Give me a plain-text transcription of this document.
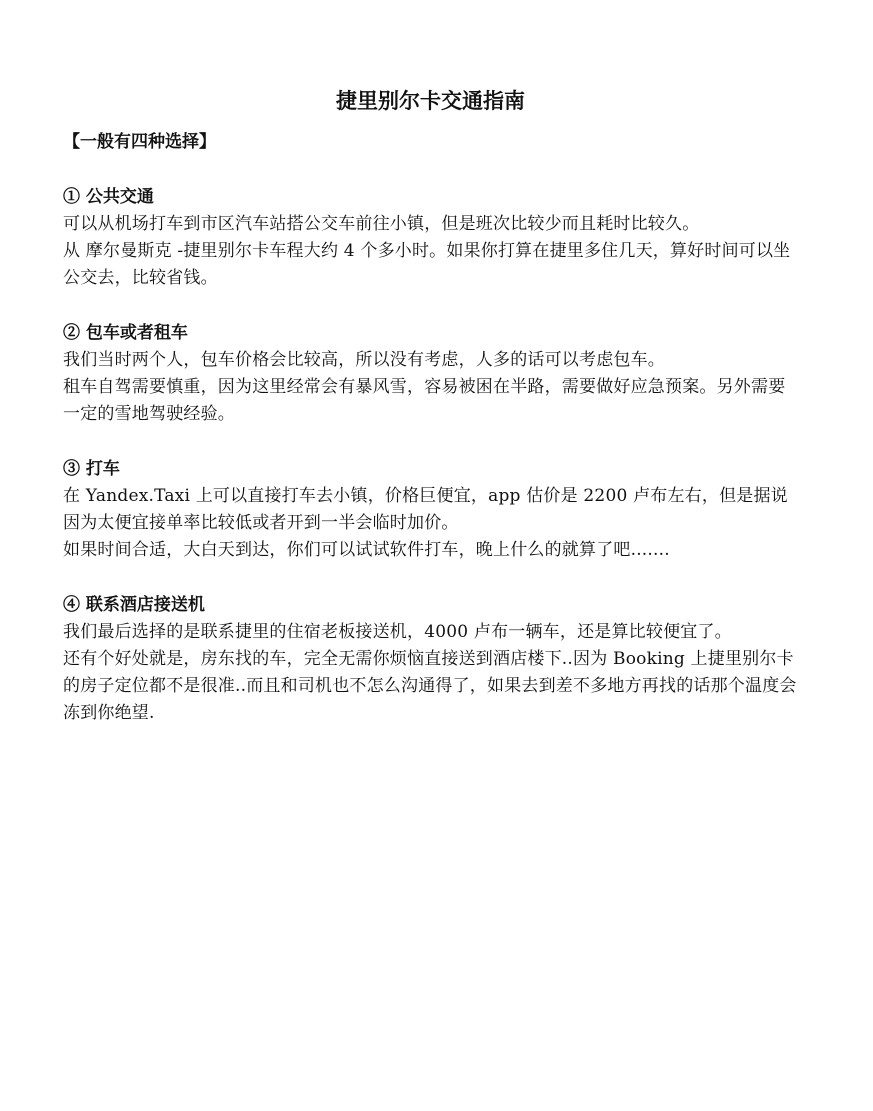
捷里别尔卡交通指南

【一般有四种选择】

① 公共交通

可以从机场打车到市区汽车站搭公交车前往小镇，但是班次比较少而且耗时比较久。

从 摩尔曼斯克 -捷里别尔卡车程大约 4 个多小时。如果你打算在捷里多住几天，算好时间可以坐公交去，比较省钱。

② 包车或者租车

我们当时两个人，包车价格会比较高，所以没有考虑，人多的话可以考虑包车。

租车自驾需要慎重，因为这里经常会有暴风雪，容易被困在半路，需要做好应急预案。另外需要一定的雪地驾驶经验。

③ 打车

在 Yandex.Taxi 上可以直接打车去小镇，价格巨便宜，app 估价是 2200 卢布左右，但是据说因为太便宜接单率比较低或者开到一半会临时加价。

如果时间合适，大白天到达，你们可以试试软件打车，晚上什么的就算了吧.......

④ 联系酒店接送机

我们最后选择的是联系捷里的住宿老板接送机，4000 卢布一辆车，还是算比较便宜了。

还有个好处就是，房东找的车，完全无需你烦恼直接送到酒店楼下..因为 Booking 上捷里别尔卡的房子定位都不是很准..而且和司机也不怎么沟通得了，如果去到差不多地方再找的话那个温度会冻到你绝望.
